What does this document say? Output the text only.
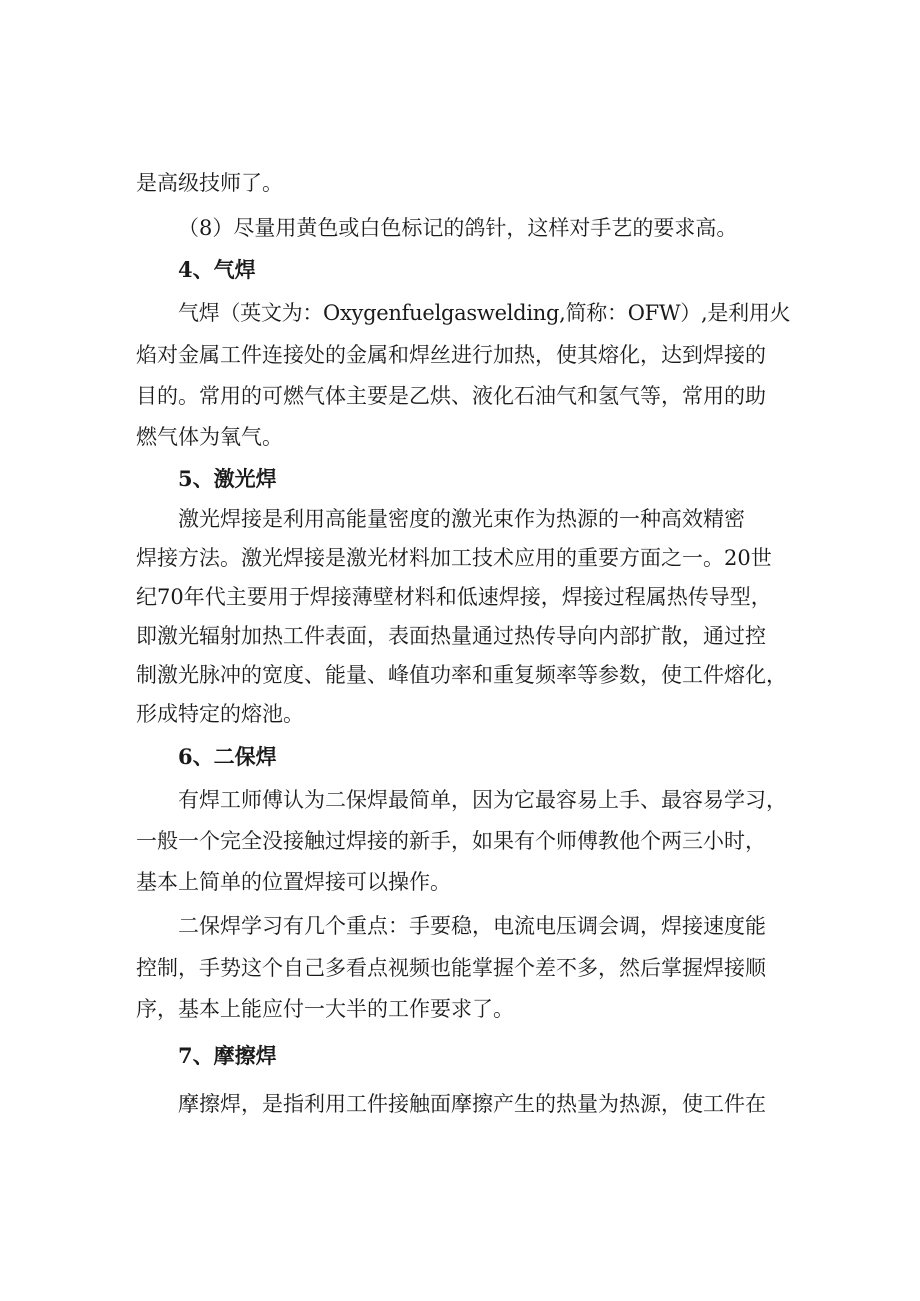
是高级技师了。
（8）尽量用黄色或白色标记的鸽针，这样对手艺的要求高。
4、气焊
气焊（英文为：Oxygenfuelgaswelding,简称：OFW）,是利用火
焰对金属工件连接处的金属和焊丝进行加热，使其熔化，达到焊接的
目的。常用的可燃气体主要是乙烘、液化石油气和氢气等，常用的助
燃气体为氧气。
5、激光焊
激光焊接是利用高能量密度的激光束作为热源的一种高效精密
焊接方法。激光焊接是激光材料加工技术应用的重要方面之一。20世
纪70年代主要用于焊接薄壁材料和低速焊接，焊接过程属热传导型，
即激光辐射加热工件表面，表面热量通过热传导向内部扩散，通过控
制激光脉冲的宽度、能量、峰值功率和重复频率等参数，使工件熔化，
形成特定的熔池。
6、二保焊
有焊工师傅认为二保焊最简单，因为它最容易上手、最容易学习，
一般一个完全没接触过焊接的新手，如果有个师傅教他个两三小时，
基本上简单的位置焊接可以操作。
二保焊学习有几个重点：手要稳，电流电压调会调，焊接速度能
控制，手势这个自己多看点视频也能掌握个差不多，然后掌握焊接顺
序，基本上能应付一大半的工作要求了。
7、摩擦焊
摩擦焊，是指利用工件接触面摩擦产生的热量为热源，使工件在
